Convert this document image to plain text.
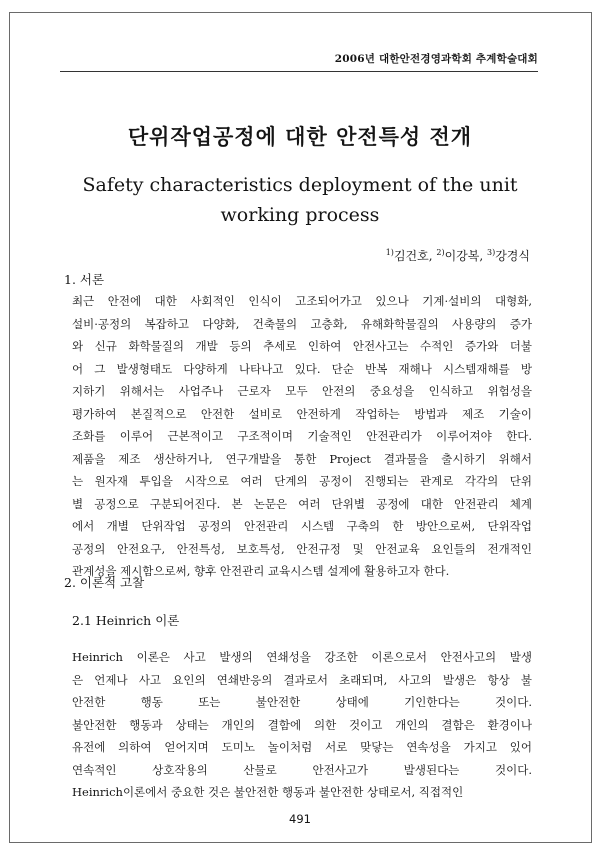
2006년 대한안전경영과학회 추계학술대회
단위작업공정에 대한 안전특성 전개
Safety characteristics deployment of the unit
working process
$^{1)}$김건호, $^{2)}$이강복, $^{3)}$강경식
1. 서론
최근 안전에 대한 사회적인 인식이 고조되어가고 있으나 기계·설비의 대형화,
설비·공정의 복잡하고 다양화, 건축물의 고층화, 유해화학물질의 사용량의 증가
와 신규 화학물질의 개발 등의 추세로 인하여 안전사고는 수적인 증가와 더불
어 그 발생형태도 다양하게 나타나고 있다. 단순 반복 재해나 시스템재해를 방
지하기 위해서는 사업주나 근로자 모두 안전의 중요성을 인식하고 위험성을
평가하여 본질적으로 안전한 설비로 안전하게 작업하는 방법과 제조 기술이
조화를 이루어 근본적이고 구조적이며 기술적인 안전관리가 이루어져야 한다.
제품을 제조 생산하거나, 연구개발을 통한 Project 결과물을 출시하기 위해서
는 원자재 투입을 시작으로 여러 단계의 공정이 진행되는 관계로 각각의 단위
별 공정으로 구분되어진다. 본 논문은 여러 단위별 공정에 대한 안전관리 체계
에서 개별 단위작업 공정의 안전관리 시스템 구축의 한 방안으로써, 단위작업
공정의 안전요구, 안전특성, 보호특성, 안전규정 및 안전교육 요인들의 전개적인
관계성을 제시함으로써, 향후 안전관리 교육시스템 설계에 활용하고자 한다.
2. 이론적 고찰
2.1 Heinrich 이론
Heinrich 이론은 사고 발생의 연쇄성을 강조한 이론으로서 안전사고의 발생
은 언제나 사고 요인의 연쇄반응의 결과로서 초래되며, 사고의 발생은 항상 불
안전한 행동 또는 불안전한 상태에 기인한다는 것이다.
불안전한 행동과 상태는 개인의 결함에 의한 것이고 개인의 결함은 환경이나
유전에 의하여 얻어지며 도미노 놀이처럼 서로 맞닿는 연속성을 가지고 있어
연속적인 상호작용의 산물로 안전사고가 발생된다는 것이다.
Heinrich이론에서 중요한 것은 불안전한 행동과 불안전한 상태로서, 직접적인
491
